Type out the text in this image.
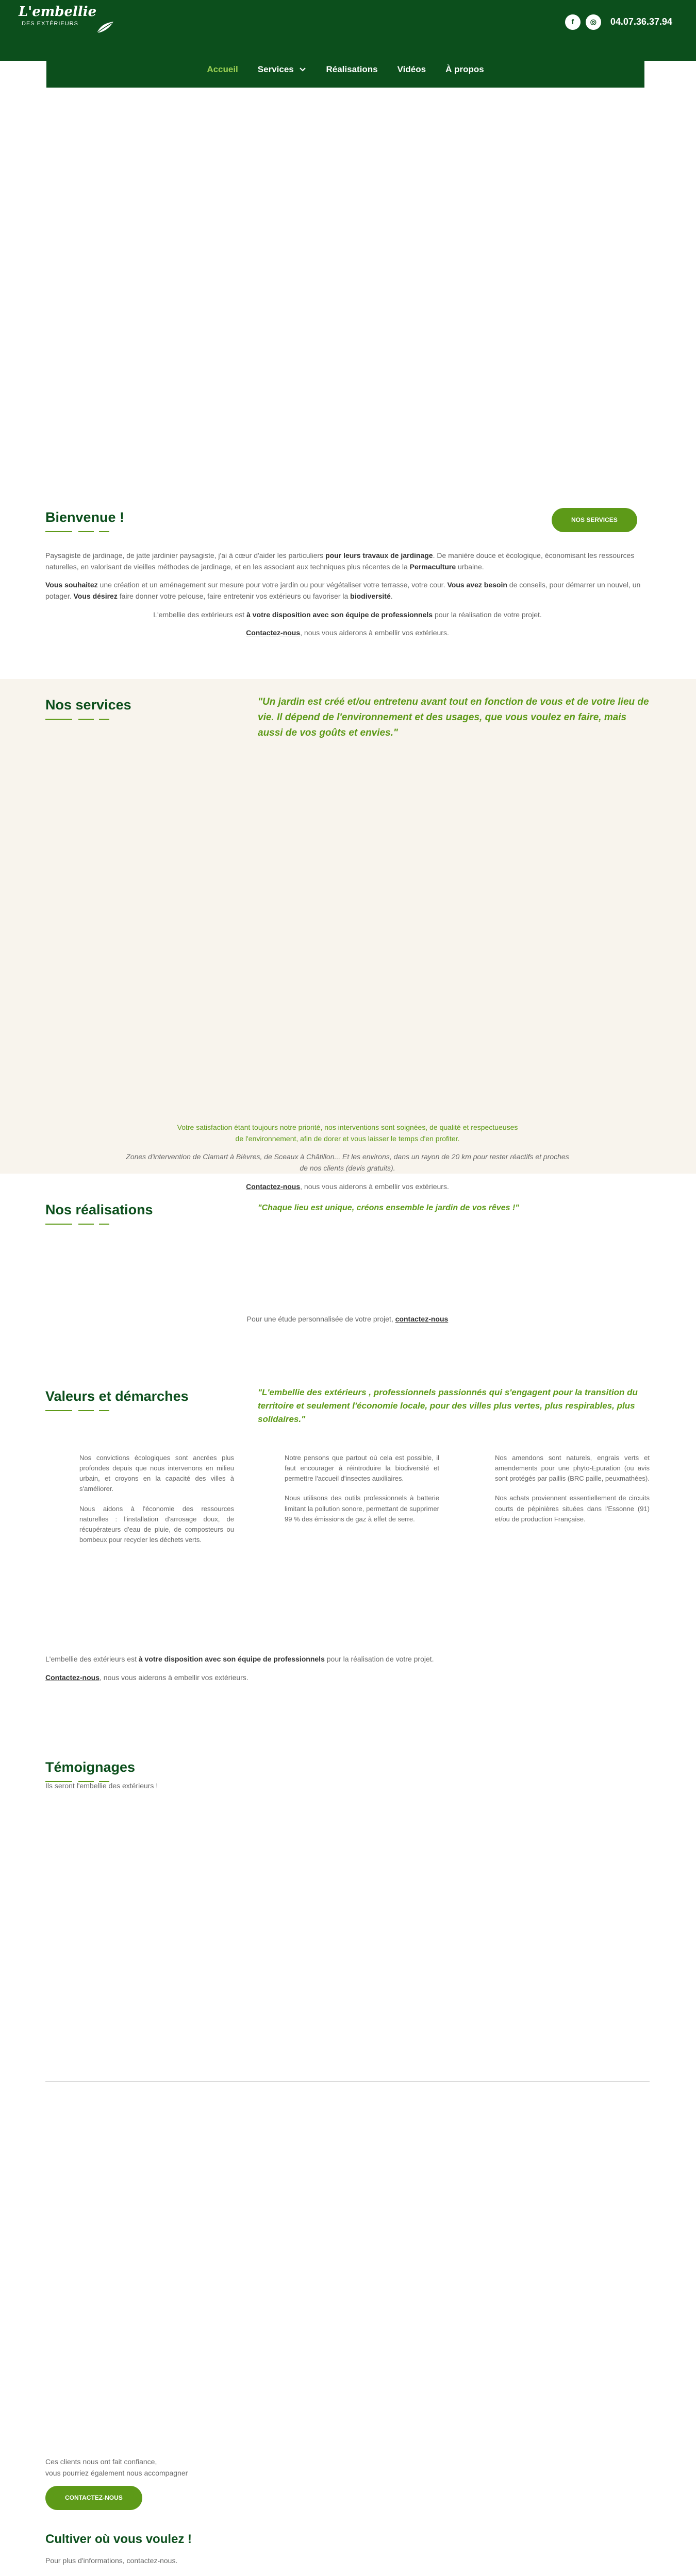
L'embellie
DES EXTÉRIEURS	f	◎	04.07.36.37.94
Accueil Services	Réalisations Vidéos À propos
Bienvenue !	NOS SERVICES

Paysagiste de jardinage, de jatte jardinier paysagiste, j'ai à cœur d'aider les particuliers pour leurs travaux de jardinage. De manière douce et écologique, économisant les ressources naturelles, en valorisant de vieilles méthodes de jardinage, et en les associant aux techniques plus récentes de la Permaculture urbaine.

Vous souhaitez une création et un aménagement sur mesure pour votre jardin ou pour végétaliser votre terrasse, votre cour. Vous avez besoin de conseils, pour démarrer un nouvel, un potager. Vous désirez faire donner votre pelouse, faire entretenir vos extérieurs ou favoriser la biodiversité.

L'embellie des extérieurs est à votre disposition avec son équipe de professionnels pour la réalisation de votre projet.

Contactez-nous, nous vous aiderons à embellir vos extérieurs.

Nos services	"Un jardin est créé et/ou entretenu avant tout en fonction de vous et de votre lieu de vie. Il dépend de l'environnement et des usages, que vous voulez en faire, mais aussi de vos goûts et envies."

Votre satisfaction étant toujours notre priorité, nos interventions sont soignées, de qualité et respectueuses de l'environnement, afin de dorer et vous laisser le temps d'en profiter.

Zones d'intervention de Clamart à Bièvres, de Sceaux à Châtillon... Et les environs, dans un rayon de 20 km pour rester réactifs et proches de nos clients (devis gratuits).

Contactez-nous, nous vous aiderons à embellir vos extérieurs.

Nos réalisations	"Chaque lieu est unique, créons ensemble le jardin de vos rêves !"

Pour une étude personnalisée de votre projet, contactez-nous

Valeurs et démarches	"L'embellie des extérieurs , professionnels passionnés qui s'engagent pour la transition du territoire et seulement l'économie locale, pour des villes plus vertes, plus respirables, plus solidaires."

Nos convictions écologiques sont ancrées plus profondes depuis que nous intervenons en milieu urbain, et croyons en la capacité des villes à s'améliorer.

Nous aidons à l'économie des ressources naturelles : l'installation d'arrosage doux, de récupérateurs d'eau de pluie, de composteurs ou bombeux pour recycler les déchets verts.

Notre pensons que partout où cela est possible, il faut encourager à réintroduire la biodiversité et permettre l'accueil d'insectes auxiliaires.

Nous utilisons des outils professionnels à batterie limitant la pollution sonore, permettant de supprimer 99 % des émissions de gaz à effet de serre.

Nos amendons sont naturels, engrais verts et amendements pour une phyto-Epuration (ou avis sont protégés par paillis (BRC paille, peuxmathées).

Nos achats proviennent essentiellement de circuits courts de pépinières situées dans l'Essonne (91) et/ou de production Française.

L'embellie des extérieurs est à votre disposition avec son équipe de professionnels pour la réalisation de votre projet.

Contactez-nous, nous vous aiderons à embellir vos extérieurs.

Témoignages

Ils seront l'embellie des extérieurs !

Ces clients nous ont fait confiance,

vous pourriez également nous accompagner

CONTACTEZ-NOUS
Cultiver où vous voulez !

Pour plus d'informations, contactez-nous.
